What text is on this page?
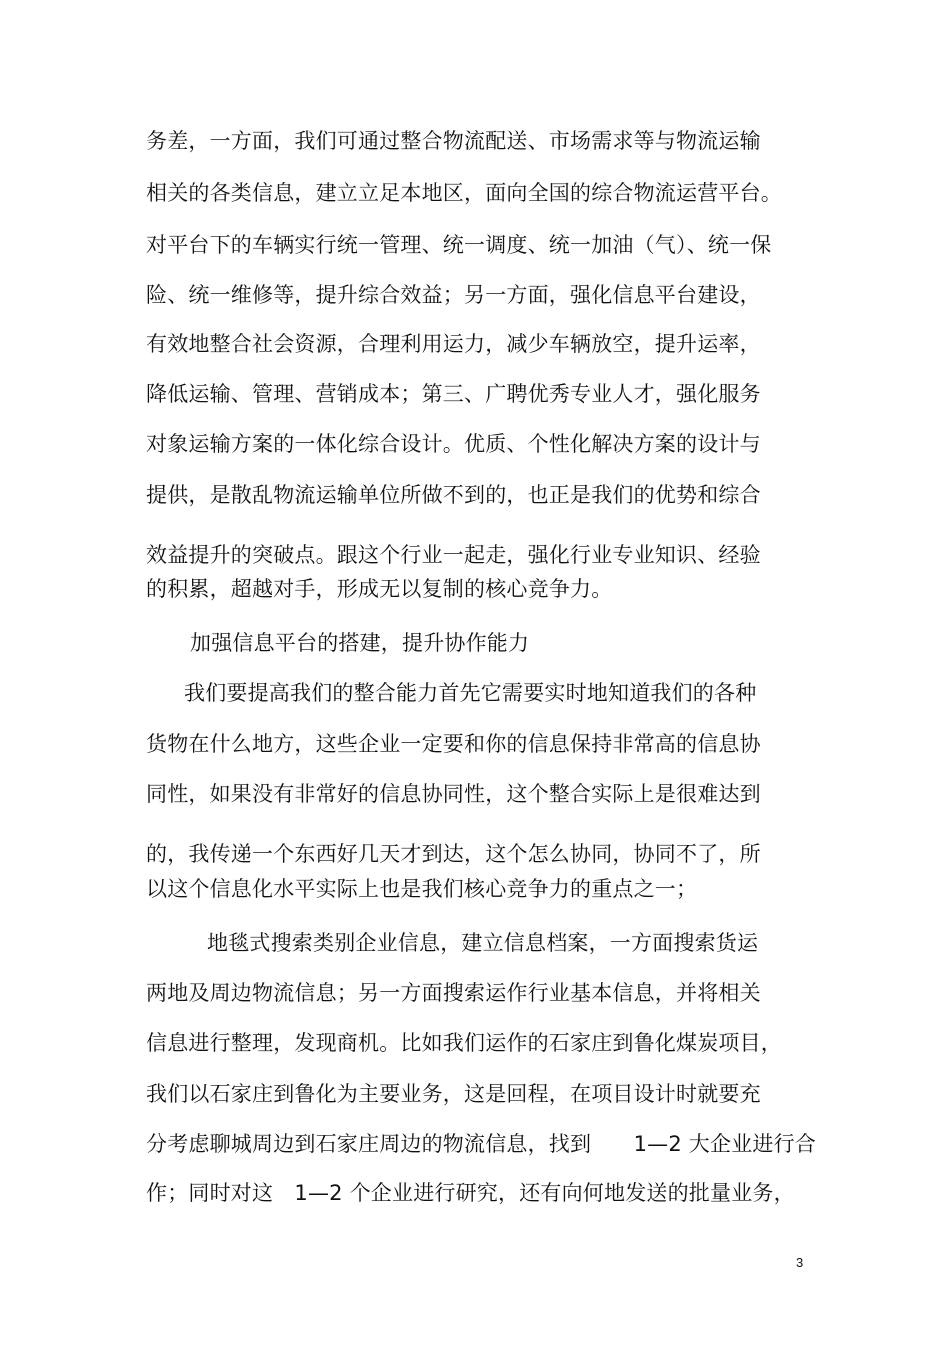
务差，一方面，我们可通过整合物流配送、市场需求等与物流运输
相关的各类信息，建立立足本地区，面向全国的综合物流运营平台。
对平台下的车辆实行统一管理、统一调度、统一加油（气）、统一保
险、统一维修等，提升综合效益；另一方面，强化信息平台建设，
有效地整合社会资源，合理利用运力，减少车辆放空，提升运率，
降低运输、管理、营销成本；第三、广聘优秀专业人才，强化服务
对象运输方案的一体化综合设计。优质、个性化解决方案的设计与
提供，是散乱物流运输单位所做不到的，也正是我们的优势和综合
效益提升的突破点。跟这个行业一起走，强化行业专业知识、经验
的积累，超越对手，形成无以复制的核心竞争力。
加强信息平台的搭建，提升协作能力
我们要提高我们的整合能力首先它需要实时地知道我们的各种
货物在什么地方，这些企业一定要和你的信息保持非常高的信息协
同性，如果没有非常好的信息协同性，这个整合实际上是很难达到
的，我传递一个东西好几天才到达，这个怎么协同，协同不了，所
以这个信息化水平实际上也是我们核心竞争力的重点之一；
地毯式搜索类别企业信息，建立信息档案，一方面搜索货运
两地及周边物流信息；另一方面搜索运作行业基本信息，并将相关
信息进行整理，发现商机。比如我们运作的石家庄到鲁化煤炭项目，
我们以石家庄到鲁化为主要业务，这是回程，在项目设计时就要充
分考虑聊城周边到石家庄周边的物流信息，找到　　1—2 大企业进行合
作；同时对这　1—2 个企业进行研究，还有向何地发送的批量业务，
3
